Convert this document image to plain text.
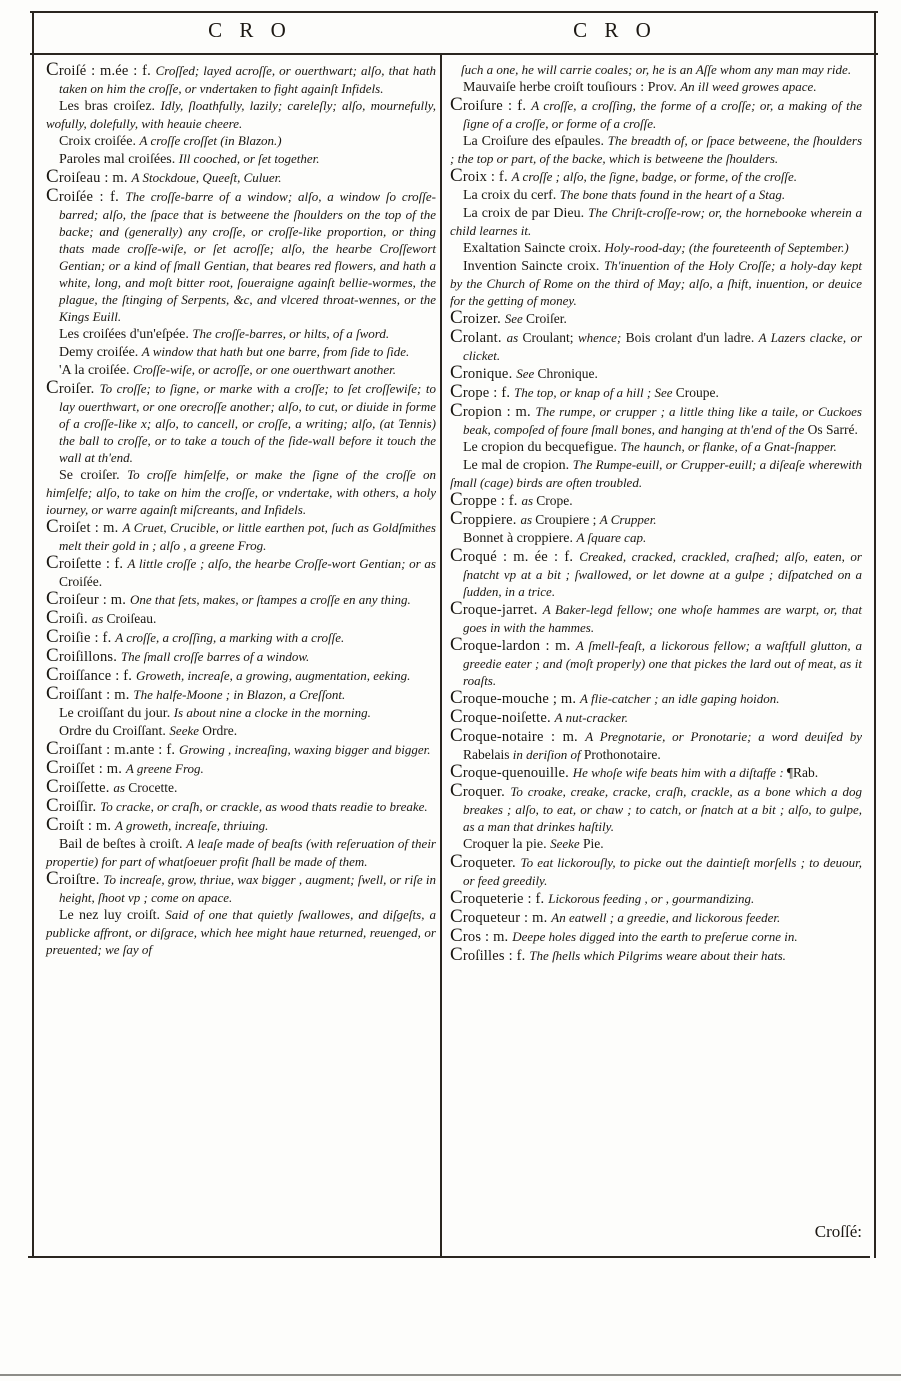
C R O	C R O

Croiſé : m.ée : f. Croſſed; layed acroſſe, or ouerthwart; alſo, that hath taken on him the croſſe, or vndertaken to fight againſt Infidels.

Les bras croiſez. Idly, ſloathfully, lazily; careleſly; alſo, mournefully, wofully, dolefully, with heauie cheere.

Croix croiſée. A croſſe croſſet (in Blazon.)

Paroles mal croiſées. Ill cooched, or ſet together.

Croiſeau : m. A Stockdoue, Queeſt, Culuer.

Croiſée : f. The croſſe-barre of a window; alſo, a window ſo croſſe-barred; alſo, the ſpace that is betweene the ſhoulders on the top of the backe; and (generally) any croſſe, or croſſe-like proportion, or thing thats made croſſe-wiſe, or ſet acroſſe; alſo, the hearbe Croſſewort Gentian; or a kind of ſmall Gentian, that beares red flowers, and hath a white, long, and moſt bitter root, ſoueraigne againſt bellie-wormes, the plague, the ſtinging of Serpents, &c, and vlcered throat-wennes, or the Kings Euill.

Les croiſées d'un'eſpée. The croſſe-barres, or hilts, of a ſword.

Demy croiſée. A window that hath but one barre, from ſide to ſide.

'A la croiſée. Croſſe-wiſe, or acroſſe, or one ouerthwart another.

Croiſer. To croſſe; to ſigne, or marke with a croſſe; to ſet croſſewiſe; to lay ouerthwart, or one orecroſſe another; alſo, to cut, or diuide in forme of a croſſe-like x; alſo, to cancell, or croſſe, a writing; alſo, (at Tennis) the ball to croſſe, or to take a touch of the ſide-wall before it touch the wall at th'end.

Se croiſer. To croſſe himſelfe, or make the ſigne of the croſſe on himſelfe; alſo, to take on him the croſſe, or vndertake, with others, a holy iourney, or warre againſt miſcreants, and Infidels.

Croiſet : m. A Cruet, Crucible, or little earthen pot, ſuch as Goldſmithes melt their gold in ; alſo , a greene Frog.

Croiſette : f. A little croſſe ; alſo, the hearbe Croſſe-wort Gentian; or as Croiſée.

Croiſeur : m. One that ſets, makes, or ſtampes a croſſe en any thing.

Croiſi. as Croiſeau.

Croiſie : f. A croſſe, a croſſing, a marking with a croſſe.

Croiſillons. The ſmall croſſe barres of a window.

Croiſſance : f. Groweth, increaſe, a growing, augmentation, eeking.

Croiſſant : m. The halfe-Moone ; in Blazon, a Creſſont.

Le croiſſant du jour. Is about nine a clocke in the morning.

Ordre du Croiſſant. Seeke Ordre.

Croiſſant : m.ante : f. Growing , increaſing, waxing bigger and bigger.

Croiſſet : m. A greene Frog.

Croiſſette. as Crocette.

Croiſſir. To cracke, or craſh, or crackle, as wood thats readie to breake.

Croiſt : m. A groweth, increaſe, thriuing.

Bail de beſtes à croiſt. A leaſe made of beaſts (with reſeruation of their propertie) for part of whatſoeuer profit ſhall be made of them.

Croiſtre. To increaſe, grow, thriue, wax bigger , augment; ſwell, or riſe in height, ſhoot vp ; come on apace.

Le nez luy croiſt. Said of one that quietly ſwallowes, and diſgeſts, a publicke affront, or diſgrace, which hee might haue returned, reuenged, or preuented; we ſay of

ſuch a one, he will carrie coales; or, he is an Aſſe whom any man may ride.

Mauvaiſe herbe croiſt touſiours : Prov. An ill weed growes apace.

Croiſure : f. A croſſe, a croſſing, the forme of a croſſe; or, a making of the ſigne of a croſſe, or forme of a croſſe.

La Croiſure des eſpaules. The breadth of, or ſpace betweene, the ſhoulders ; the top or part, of the backe, which is betweene the ſhoulders.

Croix : f. A croſſe ; alſo, the ſigne, badge, or forme, of the croſſe.

La croix du cerf. The bone thats found in the heart of a Stag.

La croix de par Dieu. The Chriſt-croſſe-row; or, the hornebooke wherein a child learnes it.

Exaltation Saincte croix. Holy-rood-day; (the foureteenth of September.)

Invention Saincte croix. Th'inuention of the Holy Croſſe; a holy-day kept by the Church of Rome on the third of May; alſo, a ſhift, inuention, or deuice for the getting of money.

Croizer. See Croiſer.

Crolant. as Croulant; whence; Bois crolant d'un ladre. A Lazers clacke, or clicket.

Cronique. See Chronique.

Crope : f. The top, or knap of a hill ; See Croupe.

Cropion : m. The rumpe, or crupper ; a little thing like a taile, or Cuckoes beak, compoſed of foure ſmall bones, and hanging at th'end of the Os Sarré.

Le cropion du becquefigue. The haunch, or flanke, of a Gnat-ſnapper.

Le mal de cropion. The Rumpe-euill, or Crupper-euill; a diſeaſe wherewith ſmall (cage) birds are often troubled.

Croppe : f. as Crope.

Croppiere. as Croupiere ; A Crupper.

Bonnet à croppiere. A ſquare cap.

Croqué : m. ée : f. Creaked, cracked, crackled, craſhed; alſo, eaten, or ſnatcht vp at a bit ; ſwallowed, or let downe at a gulpe ; diſpatched on a ſudden, in a trice.

Croque-jarret. A Baker-legd fellow; one whoſe hammes are warpt, or, that goes in with the hammes.

Croque-lardon : m. A ſmell-feaſt, a lickorous fellow; a waſtfull glutton, a greedie eater ; and (moſt properly) one that pickes the lard out of meat, as it roaſts.

Croque-mouche ; m. A flie-catcher ; an idle gaping hoidon.

Croque-noiſette. A nut-cracker.

Croque-notaire : m. A Pregnotarie, or Pronotarie; a word deuiſed by Rabelais in deriſion of Prothonotaire.

Croque-quenouille. He whoſe wife beats him with a diſtaffe : ¶Rab.

Croquer. To croake, creake, cracke, craſh, crackle, as a bone which a dog breakes ; alſo, to eat, or chaw ; to catch, or ſnatch at a bit ; alſo, to gulpe, as a man that drinkes haſtily.

Croquer la pie. Seeke Pie.

Croqueter. To eat lickorouſly, to picke out the daintieſt morſells ; to deuour, or feed greedily.

Croqueterie : f. Lickorous feeding , or , gourmandizing.

Croqueteur : m. An eatwell ; a greedie, and lickorous feeder.

Cros : m. Deepe holes digged into the earth to preſerue corne in.

Croſilles : f. The ſhells which Pilgrims weare about their hats.

Croſſé:
